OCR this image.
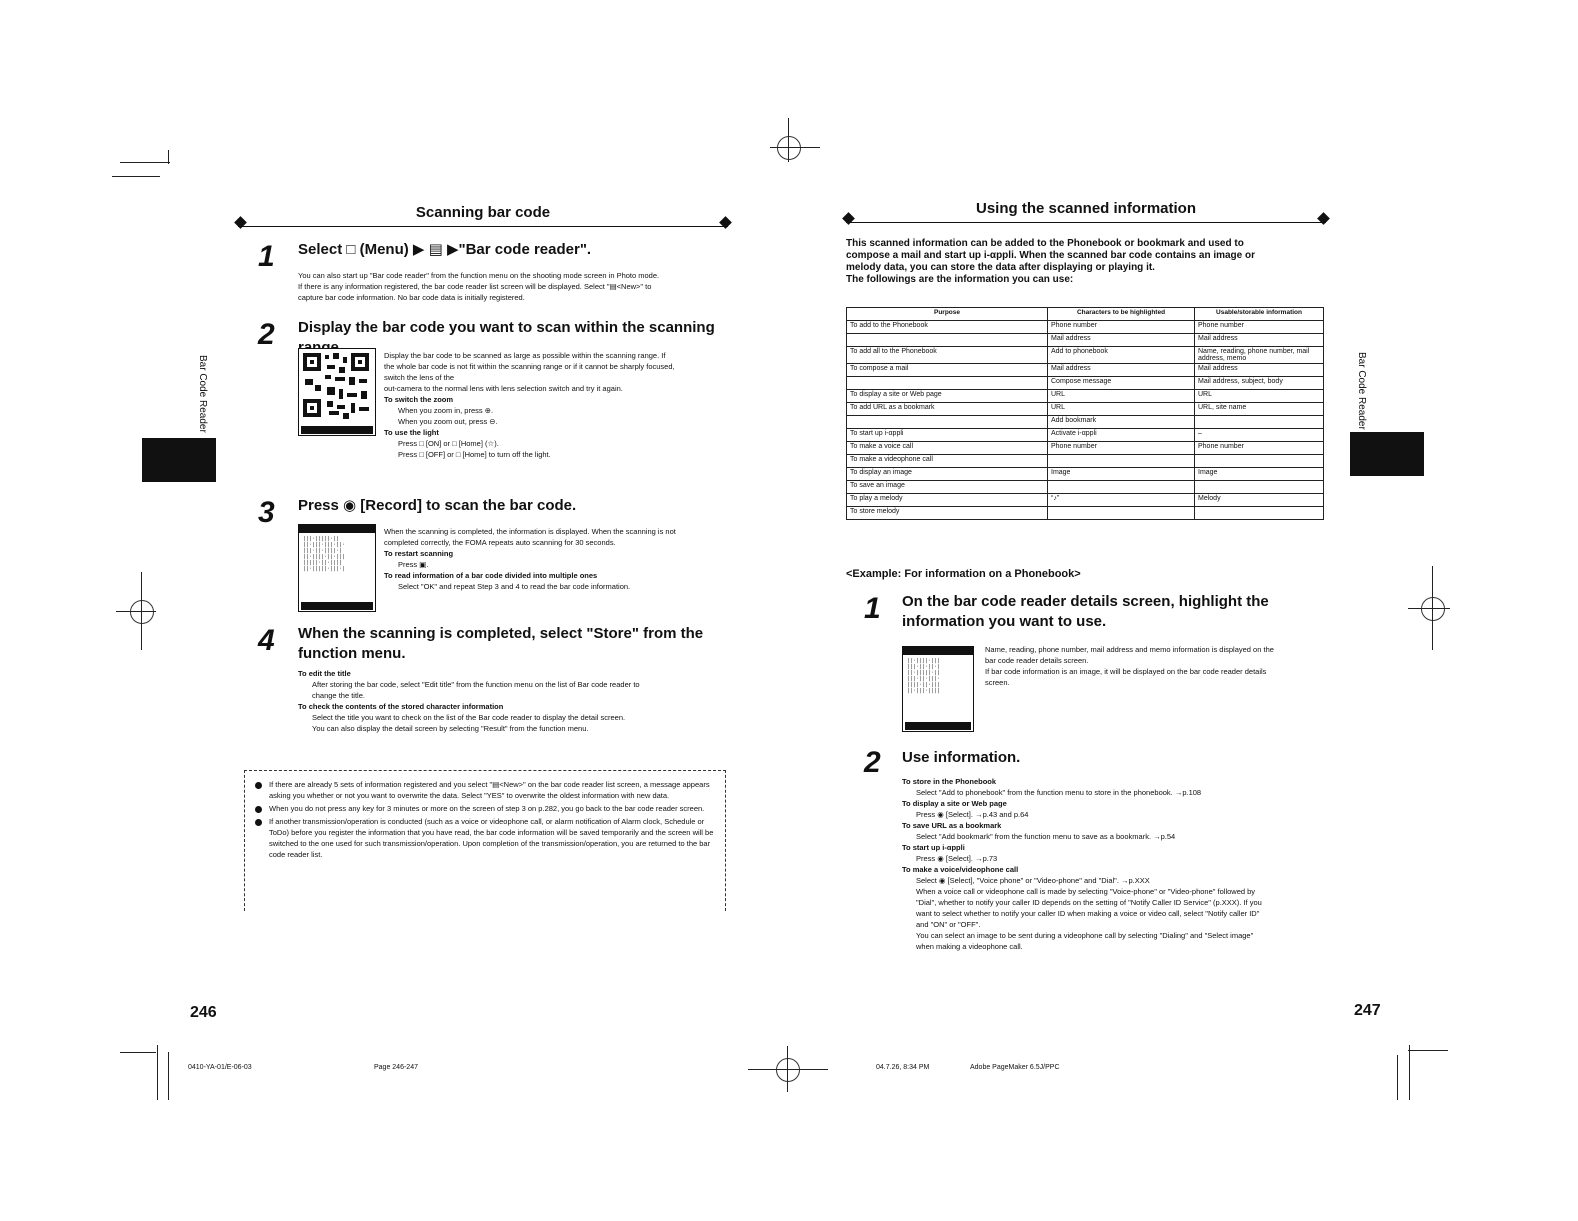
Bar Code Reader
Scanning bar code
1 Select □ (Menu) ▶ ▤ ▶"Bar code reader".
You can also start up "Bar code reader" from the function menu on the shooting mode screen in Photo mode.
If there is any information registered, the bar code reader list screen will be displayed. Select "▤<New>" to
capture bar code information. No bar code data is initially registered.
2 Display the bar code you want to scan within the scanning
Display the bar code to be scanned as large as possible within the scanning range. If
the whole bar code is not fit within the scanning range or if it cannot be sharply focused,
switch the lens of the
out-camera to the normal lens with lens selection switch and try it again.
To switch the zoom
When you zoom in, press ⊕.
When you zoom out, press ⊖.
To use the light
Press □ [ON] or □ [Home] (☆).
Press □ [OFF] or □ [Home] to turn off the light.
3 Press ◉ [Record] to scan the bar code.
|||·|||||·||
||·|||·|||·||·
|||·||·||||·|
||·||||·||·|||
|||||·||·||||
||·|||||·|||·|
When the scanning is completed, the information is displayed. When the scanning is not
completed correctly, the FOMA repeats auto scanning for 30 seconds.
To restart scanning
Press ▣.
To read information of a bar code divided into multiple ones
Select "OK" and repeat Step 3 and 4 to read the bar code information.
4 When the scanning is completed, select "Store" from the function menu.
To edit the title
After storing the bar code, select "Edit title" from the function menu on the list of Bar code reader to
change the title.
To check the contents of the stored character information
Select the title you want to check on the list of the Bar code reader to display the detail screen.
You can also display the detail screen by selecting "Result" from the function menu.
If there are already 5 sets of information registered and you select "▤<New>" on the bar code reader list screen, a message appears asking you whether or not you want to overwrite the data. Select "YES" to overwrite the oldest information with new data.
When you do not press any key for 3 minutes or more on the screen of step 3 on p.282, you go back to the bar code reader screen.
If another transmission/operation is conducted (such as a voice or videophone call, or alarm notification of Alarm clock, Schedule or ToDo) before you register the information that you have read, the bar code information will be saved temporarily and the screen will be switched to the one used for such transmission/operation. Upon completion of the transmission/operation, you are returned to the bar code reader list.
246
0410-YA-01/E-06-03	Page 246-247
Bar Code Reader
Using the scanned information
This scanned information can be added to the Phonebook or bookmark and used to
compose a mail and start up i-αppli. When the scanned bar code contains an image or
melody data, you can store the data after displaying or playing it.
The followings are the information you can use:
Purpose	Characters to be highlighted	Usable/storable information
To add to the Phonebook	Phone number	Phone number
	Mail address	Mail address
To add all to the Phonebook	Add to phonebook	Name, reading, phone number, mail address, memo
To compose a mail	Mail address	Mail address
	Compose message	Mail address, subject, body
To display a site or Web page	URL	URL
To add URL as a bookmark	URL	URL, site name
	Add bookmark	
To start up i-αppli	Activate i-αppli	–
To make a voice call	Phone number	Phone number
To make a videophone call		
To display an image	Image	Image
To save an image		
To play a melody	“♪”	Melody
To store melody		
<Example: For information on a Phonebook>
1 On the bar code reader details screen, highlight the information you want to use.
||·||||·|||
|||·||·||·|
||·|||||·||
|||·||·|||·
||||·||·|||
||·|||·||||
Name, reading, phone number, mail address and memo information is displayed on the
bar code reader details screen.
If bar code information is an image, it will be displayed on the bar code reader details
screen.
2 Use information.
To store in the Phonebook
Select "Add to phonebook" from the function menu to store in the phonebook. →p.108
To display a site or Web page
Press ◉ [Select]. →p.43 and p.64
To save URL as a bookmark
Select "Add bookmark" from the function menu to save as a bookmark. →p.54
To start up i-αppli
Press ◉ [Select]. →p.73
To make a voice/videophone call
Select ◉ [Select], "Voice phone" or "Video-phone" and "Dial". →p.XXX
When a voice call or videophone call is made by selecting "Voice-phone" or "Video-phone" followed by
"Dial", whether to notify your caller ID depends on the setting of "Notify Caller ID Service" (p.XXX). If you
want to select whether to notify your caller ID when making a voice or video call, select "Notify caller ID"
and "ON" or "OFF".
You can select an image to be sent during a videophone call by selecting "Dialing" and "Select image"
when making a videophone call.
247
04.7.26, 8:34 PM	Adobe PageMaker 6.5J/PPC
